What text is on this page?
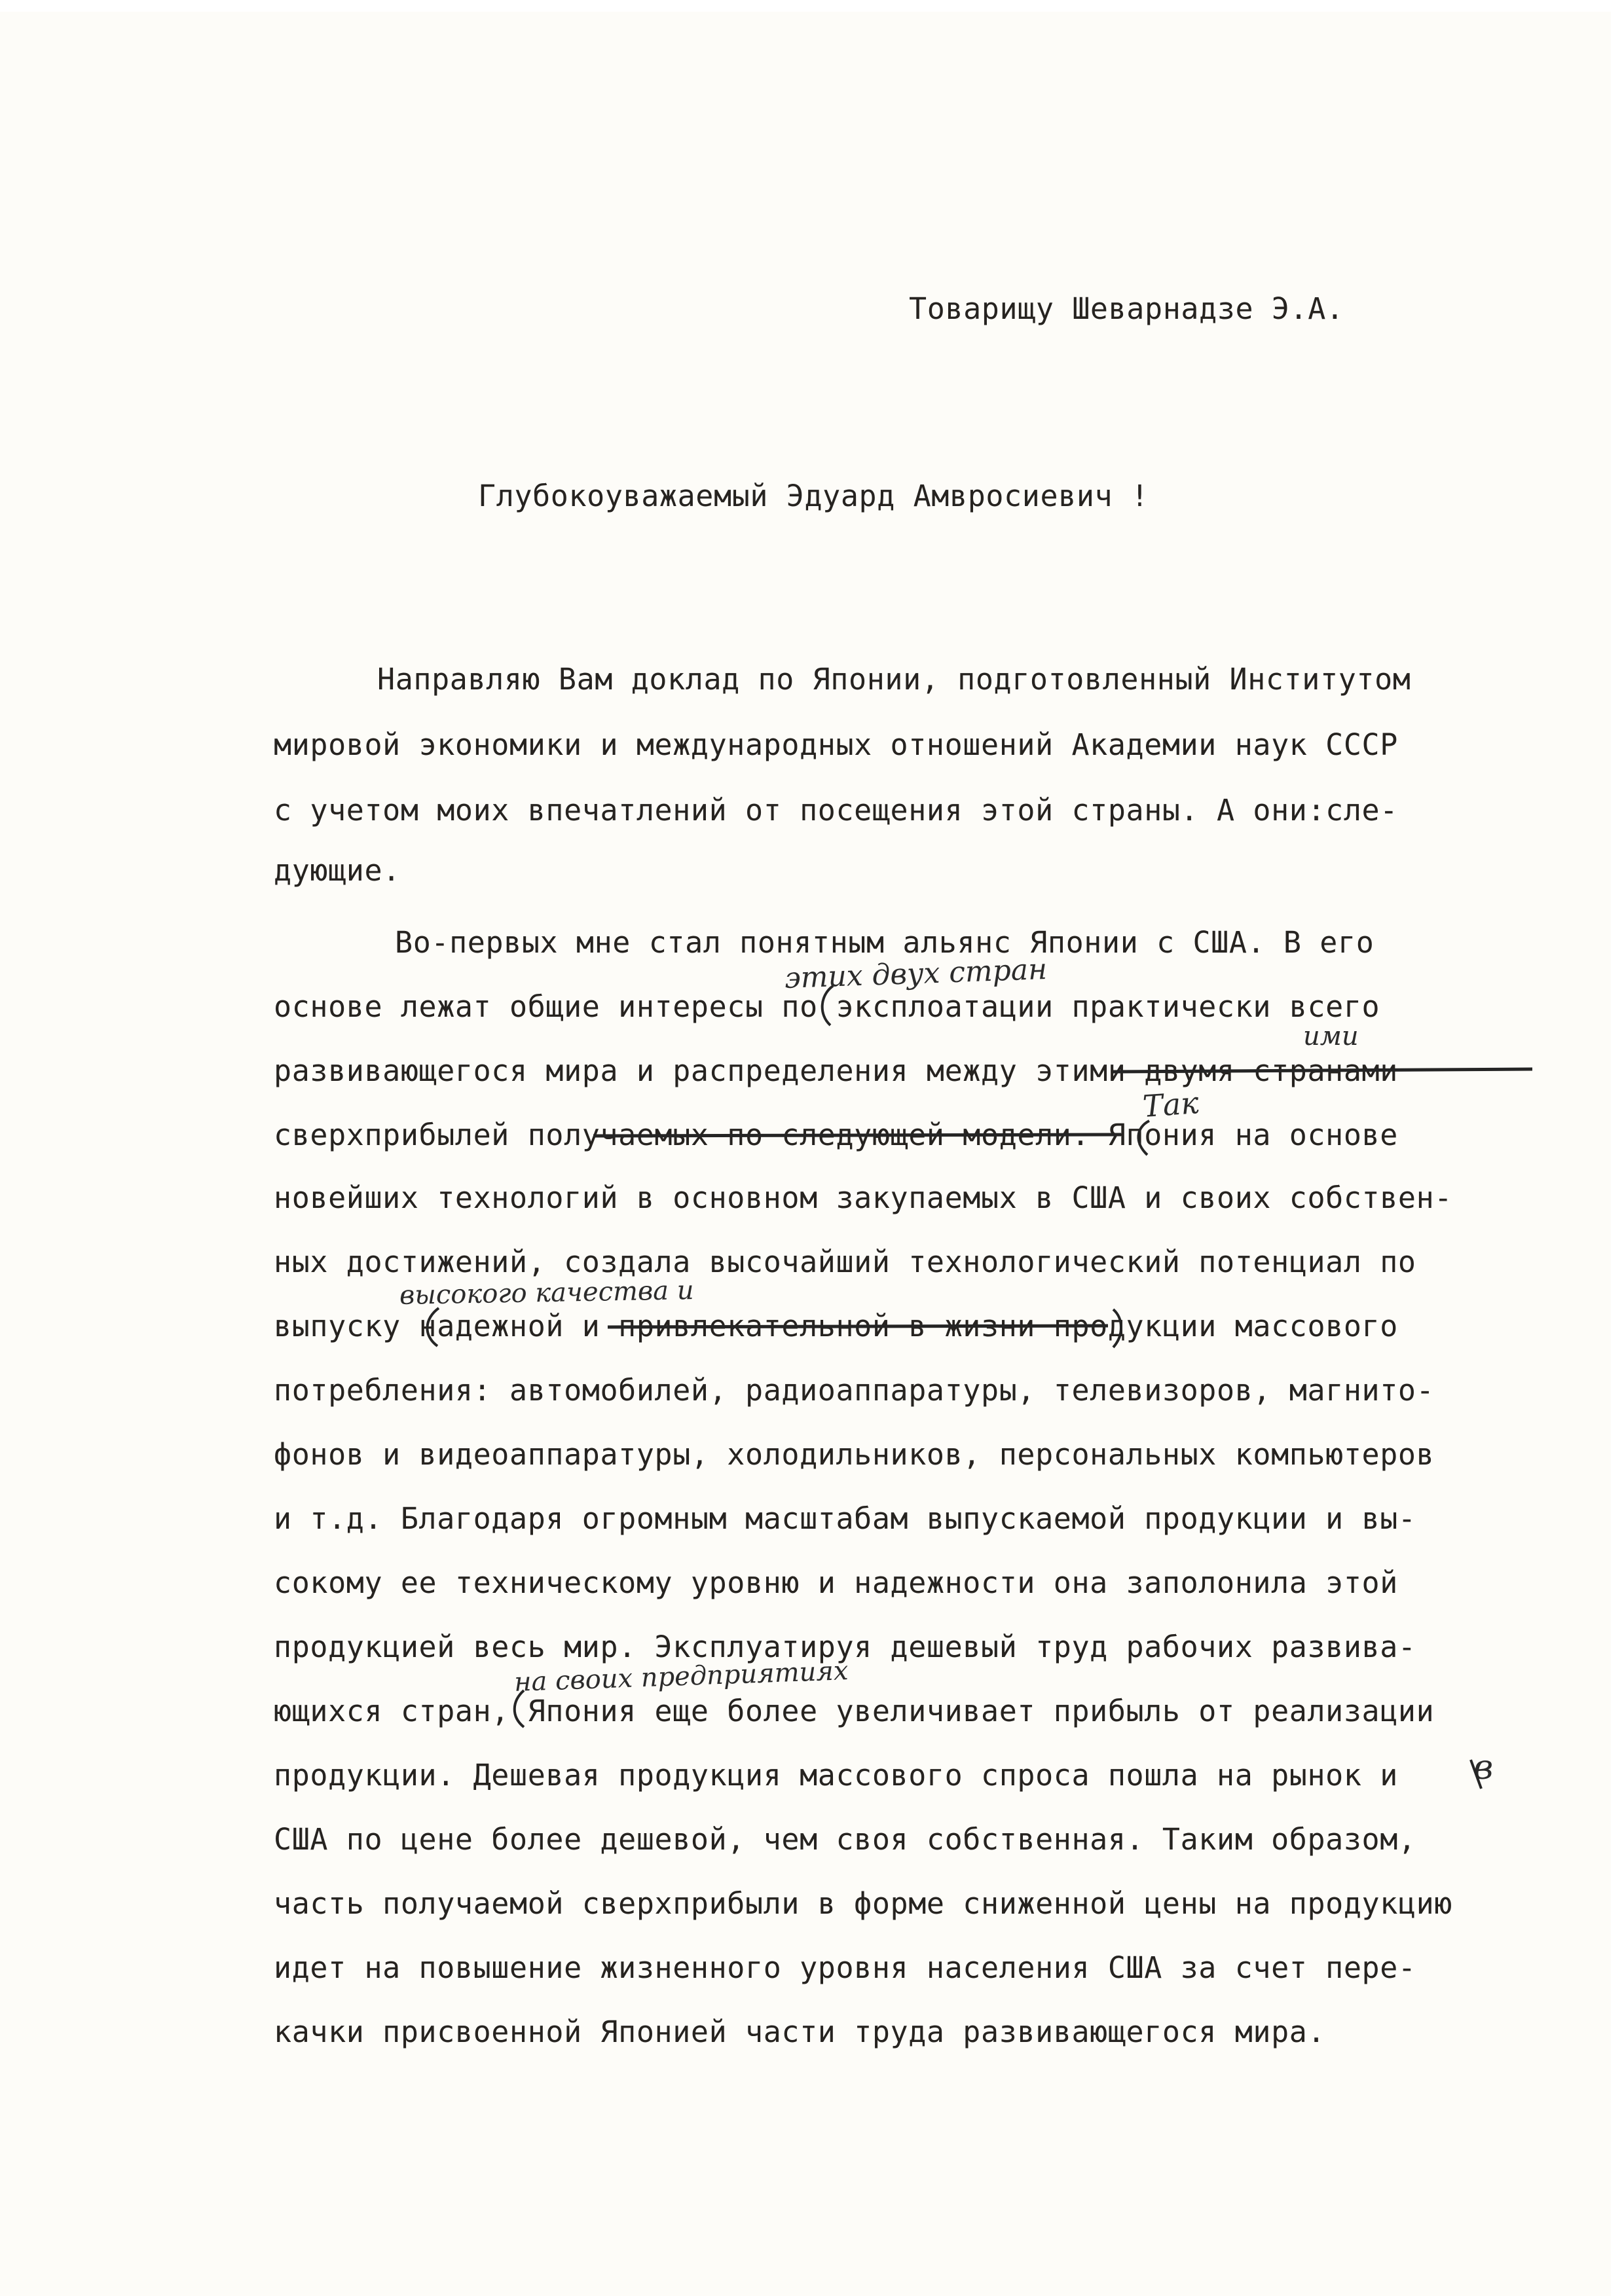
Товарищу Шеварнадзе Э.А.
Глубокоуважаемый Эдуард Амвросиевич !
Направляю Вам доклад по Японии, подготовленный Институтом
мировой экономики и международных отношений Академии наук СССР
с учетом моих впечатлений от посещения этой страны. А они:сле-
дующие.
Во-первых мне стал понятным альянс Японии с США. В его
основе лежат общие интересы по эксплоатации практически всего
развивающегося мира и распределения между этими двумя странами
сверхприбылей получаемых по следующей модели. Япония на основе
новейших технологий в основном закупаемых в США и своих собствен-
ных достижений, создала высочайший технологический потенциал по
выпуску надежной и привлекательной в жизни продукции массового
потребления: автомобилей, радиоаппаратуры, телевизоров, магнито-
фонов и видеоаппаратуры, холодильников, персональных компьютеров
и т.д. Благодаря огромным масштабам выпускаемой продукции и вы-
сокому ее техническому уровню и надежности она заполонила этой
продукцией весь мир. Эксплуатируя дешевый труд рабочих развива-
ющихся стран, Япония еще более увеличивает прибыль от реализации
продукции. Дешевая продукция массового спроса пошла на рынок и
США по цене более дешевой, чем своя собственная. Таким образом,
часть получаемой сверхприбыли в форме сниженной цены на продукцию
идет на повышение жизненного уровня населения США за счет пере-
качки присвоенной Японией части труда развивающегося мира.
этих двух стран
ими
Так
высокого качества и
на своих предприятиях
в
